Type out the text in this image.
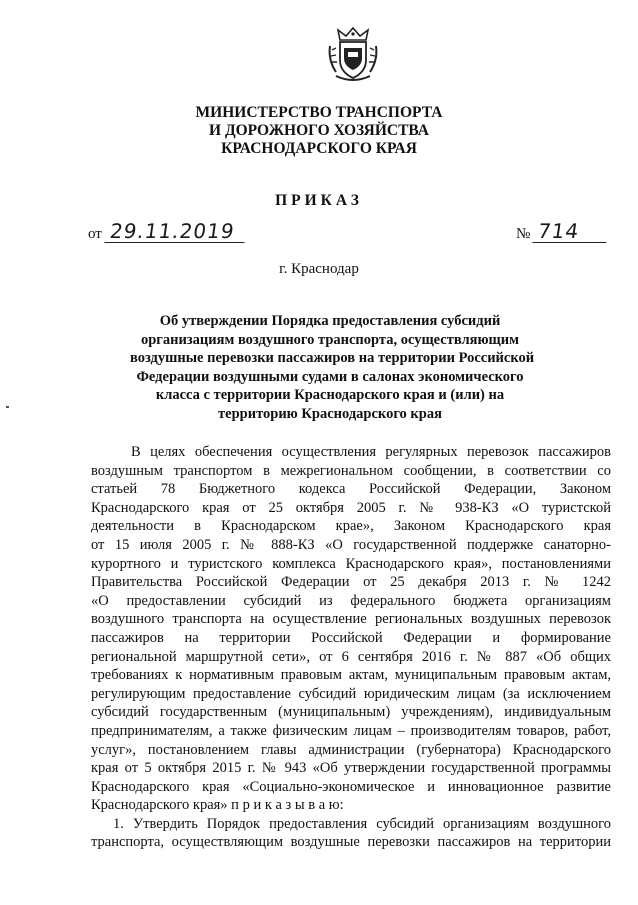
МИНИСТЕРСТВО ТРАНСПОРТА
И ДОРОЖНОГО ХОЗЯЙСТВА
КРАСНОДАРСКОГО КРАЯ
ПРИКАЗ
от 29.11.2019	№ 714
г. Краснодар
Об утверждении Порядка предоставления субсидий
организациям воздушного транспорта, осуществляющим
воздушные перевозки пассажиров на территории Российской
Федерации воздушными судами в салонах экономического
класса с территории Краснодарского края и (или) на
территорию Краснодарского края
В целях обеспечения осуществления регулярных перевозок пассажиров
воздушным транспортом в межрегиональном сообщении, в соответствии со
статьей 78 Бюджетного кодекса Российской Федерации, Законом
Краснодарского края от 25 октября 2005 г. № 938-КЗ «О туристской
деятельности в Краснодарском крае», Законом Краснодарского края
от 15 июля 2005 г. № 888-КЗ «О государственной поддержке санаторно-
курортного и туристского комплекса Краснодарского края», постановлениями
Правительства Российской Федерации от 25 декабря 2013 г. № 1242
«О предоставлении субсидий из федерального бюджета организациям
воздушного транспорта на осуществление региональных воздушных перевозок
пассажиров на территории Российской Федерации и формирование
региональной маршрутной сети», от 6 сентября 2016 г. № 887 «Об общих
требованиях к нормативным правовым актам, муниципальным правовым актам,
регулирующим предоставление субсидий юридическим лицам (за исключением
субсидий государственным (муниципальным) учреждениям), индивидуальным
предпринимателям, а также физическим лицам – производителям товаров, работ,
услуг», постановлением главы администрации (губернатора) Краснодарского
края от 5 октября 2015 г. № 943 «Об утверждении государственной программы
Краснодарского края «Социально-экономическое и инновационное развитие
Краснодарского края» п р и к а з ы в а ю:
1. Утвердить Порядок предоставления субсидий организациям воздушного
транспорта, осуществляющим воздушные перевозки пассажиров на территории
